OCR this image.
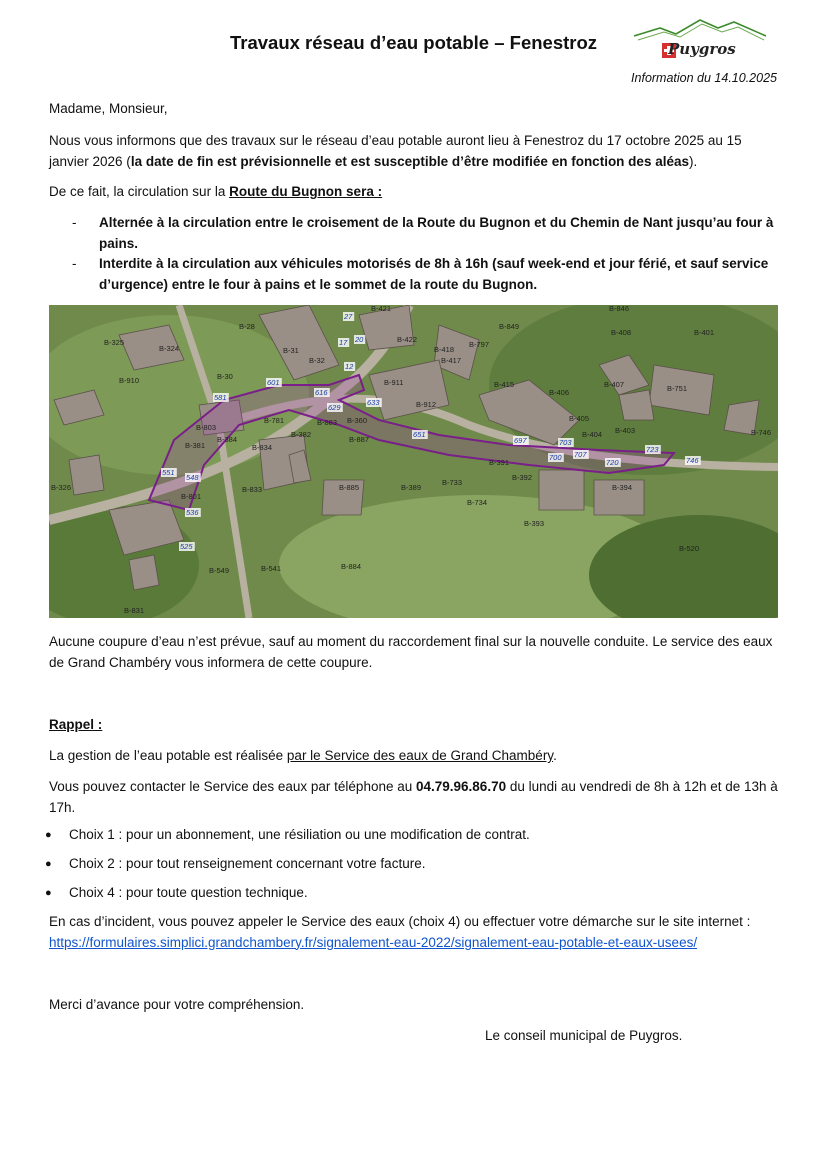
Travaux réseau d’eau potable – Fenestroz	Puygros
Information du 14.10.2025
Madame, Monsieur,
Nous vous informons que des travaux sur le réseau d’eau potable auront lieu à Fenestroz du 17 octobre 2025 au 15 janvier 2026 (la date de fin est prévisionnelle et est susceptible d’être modifiée en fonction des aléas).
De ce fait, la circulation sur la Route du Bugnon sera :
- Alternée à la circulation entre le croisement de la Route du Bugnon et du Chemin de Nant jusqu’au four à pains.
- Interdite à la circulation aux véhicules motorisés de 8h à 16h (sauf week-end et jour férié, et sauf service d’urgence) entre le four à pains et le sommet de la route du Bugnon.
B-421	B-846
B-849
B-408	B-401
B-28
B-422
B-418
B-797
B-325
B-324	B-31
B-32	B-417
B-910	B-30
B-911	B-415
B-406
B-407	B-751
B-912
B-405
B-803
B-781	B-360
B-382
B-883
B-887
B-404 B-403	B-746
B-384
B-381	B-834
B-391
B-392
B-326	B-833	B-885	B-389
B-733
B-394
B-801
B-734
B-393
B-520
B-549	B-541	B-884
B-831
27
17 20
12
601
616
581
629
633
651
697	703
700 707
720
723
746
551
548
536
525
Aucune coupure d’eau n’est prévue, sauf au moment du raccordement final sur la nouvelle conduite. Le service des eaux de Grand Chambéry vous informera de cette coupure.
Rappel :
La gestion de l’eau potable est réalisée par le Service des eaux de Grand Chambéry.
Vous pouvez contacter le Service des eaux par téléphone au 04.79.96.86.70 du lundi au vendredi de 8h à 12h et de 13h à 17h.
● Choix 1 : pour un abonnement, une résiliation ou une modification de contrat.
● Choix 2 : pour tout renseignement concernant votre facture.
● Choix 4 : pour toute question technique.
En cas d’incident, vous pouvez appeler le Service des eaux (choix 4) ou effectuer votre démarche sur le site internet :
https://formulaires.simplici.grandchambery.fr/signalement-eau-2022/signalement-eau-potable-et-eaux-usees/
Merci d’avance pour votre compréhension.
Le conseil municipal de Puygros.
